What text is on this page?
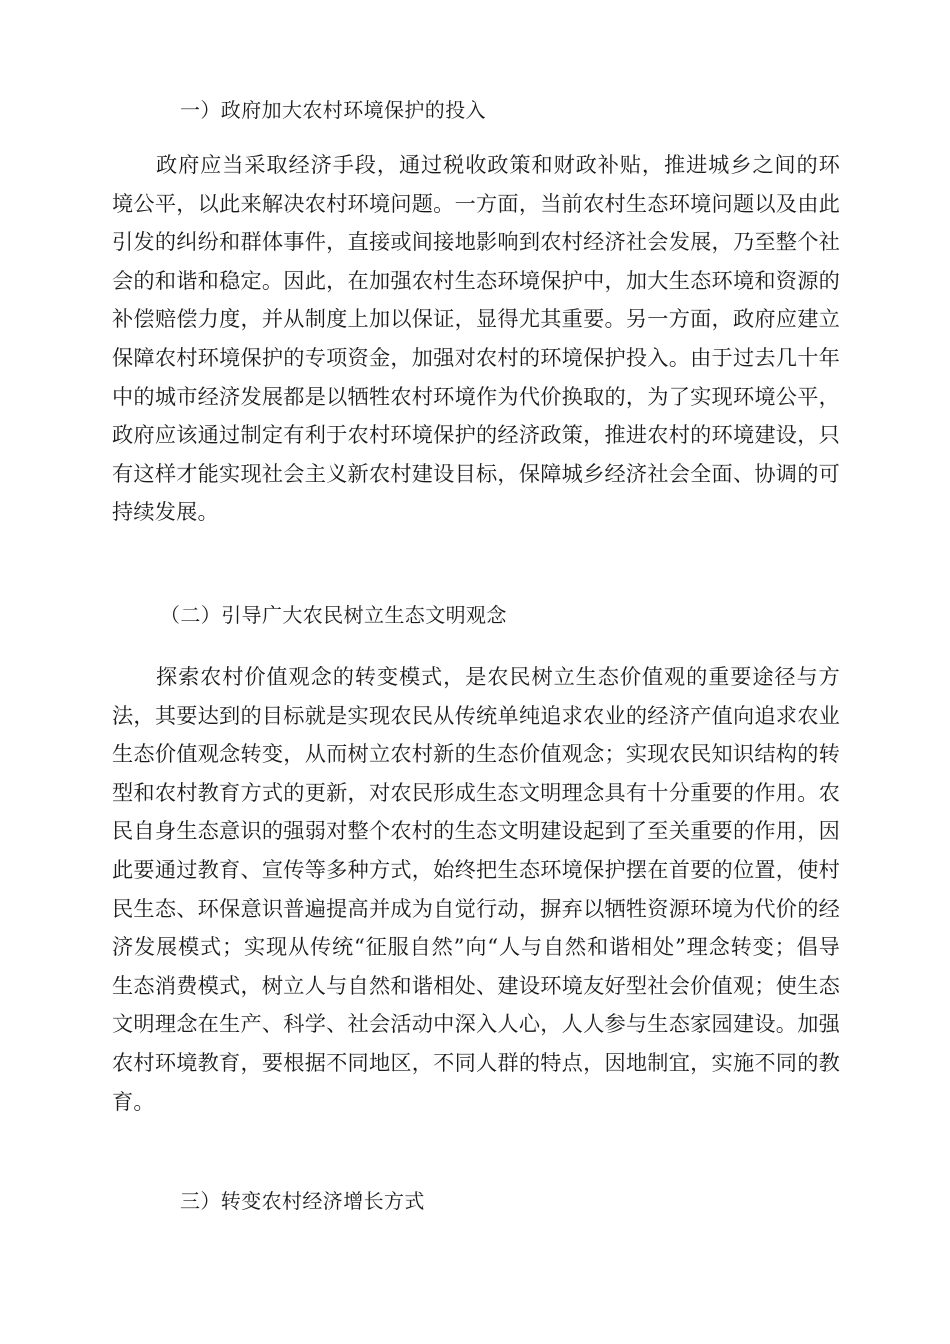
一）政府加大农村环境保护的投入

政府应当采取经济手段，通过税收政策和财政补贴，推进城乡之间的环境公平，以此来解决农村环境问题。一方面，当前农村生态环境问题以及由此引发的纠纷和群体事件，直接或间接地影响到农村经济社会发展，乃至整个社会的和谐和稳定。因此，在加强农村生态环境保护中，加大生态环境和资源的补偿赔偿力度，并从制度上加以保证，显得尤其重要。另一方面，政府应建立保障农村环境保护的专项资金，加强对农村的环境保护投入。由于过去几十年中的城市经济发展都是以牺牲农村环境作为代价换取的，为了实现环境公平，政府应该通过制定有利于农村环境保护的经济政策，推进农村的环境建设，只有这样才能实现社会主义新农村建设目标，保障城乡经济社会全面、协调的可持续发展。

（二）引导广大农民树立生态文明观念

探索农村价值观念的转变模式，是农民树立生态价值观的重要途径与方法，其要达到的目标就是实现农民从传统单纯追求农业的经济产值向追求农业生态价值观念转变，从而树立农村新的生态价值观念；实现农民知识结构的转型和农村教育方式的更新，对农民形成生态文明理念具有十分重要的作用。农民自身生态意识的强弱对整个农村的生态文明建设起到了至关重要的作用，因此要通过教育、宣传等多种方式，始终把生态环境保护摆在首要的位置，使村民生态、环保意识普遍提高并成为自觉行动，摒弃以牺牲资源环境为代价的经济发展模式；实现从传统“征服自然”向“人与自然和谐相处”理念转变；倡导生态消费模式，树立人与自然和谐相处、建设环境友好型社会价值观；使生态文明理念在生产、科学、社会活动中深入人心，人人参与生态家园建设。加强农村环境教育，要根据不同地区，不同人群的特点，因地制宜，实施不同的教育。

三）转变农村经济增长方式
